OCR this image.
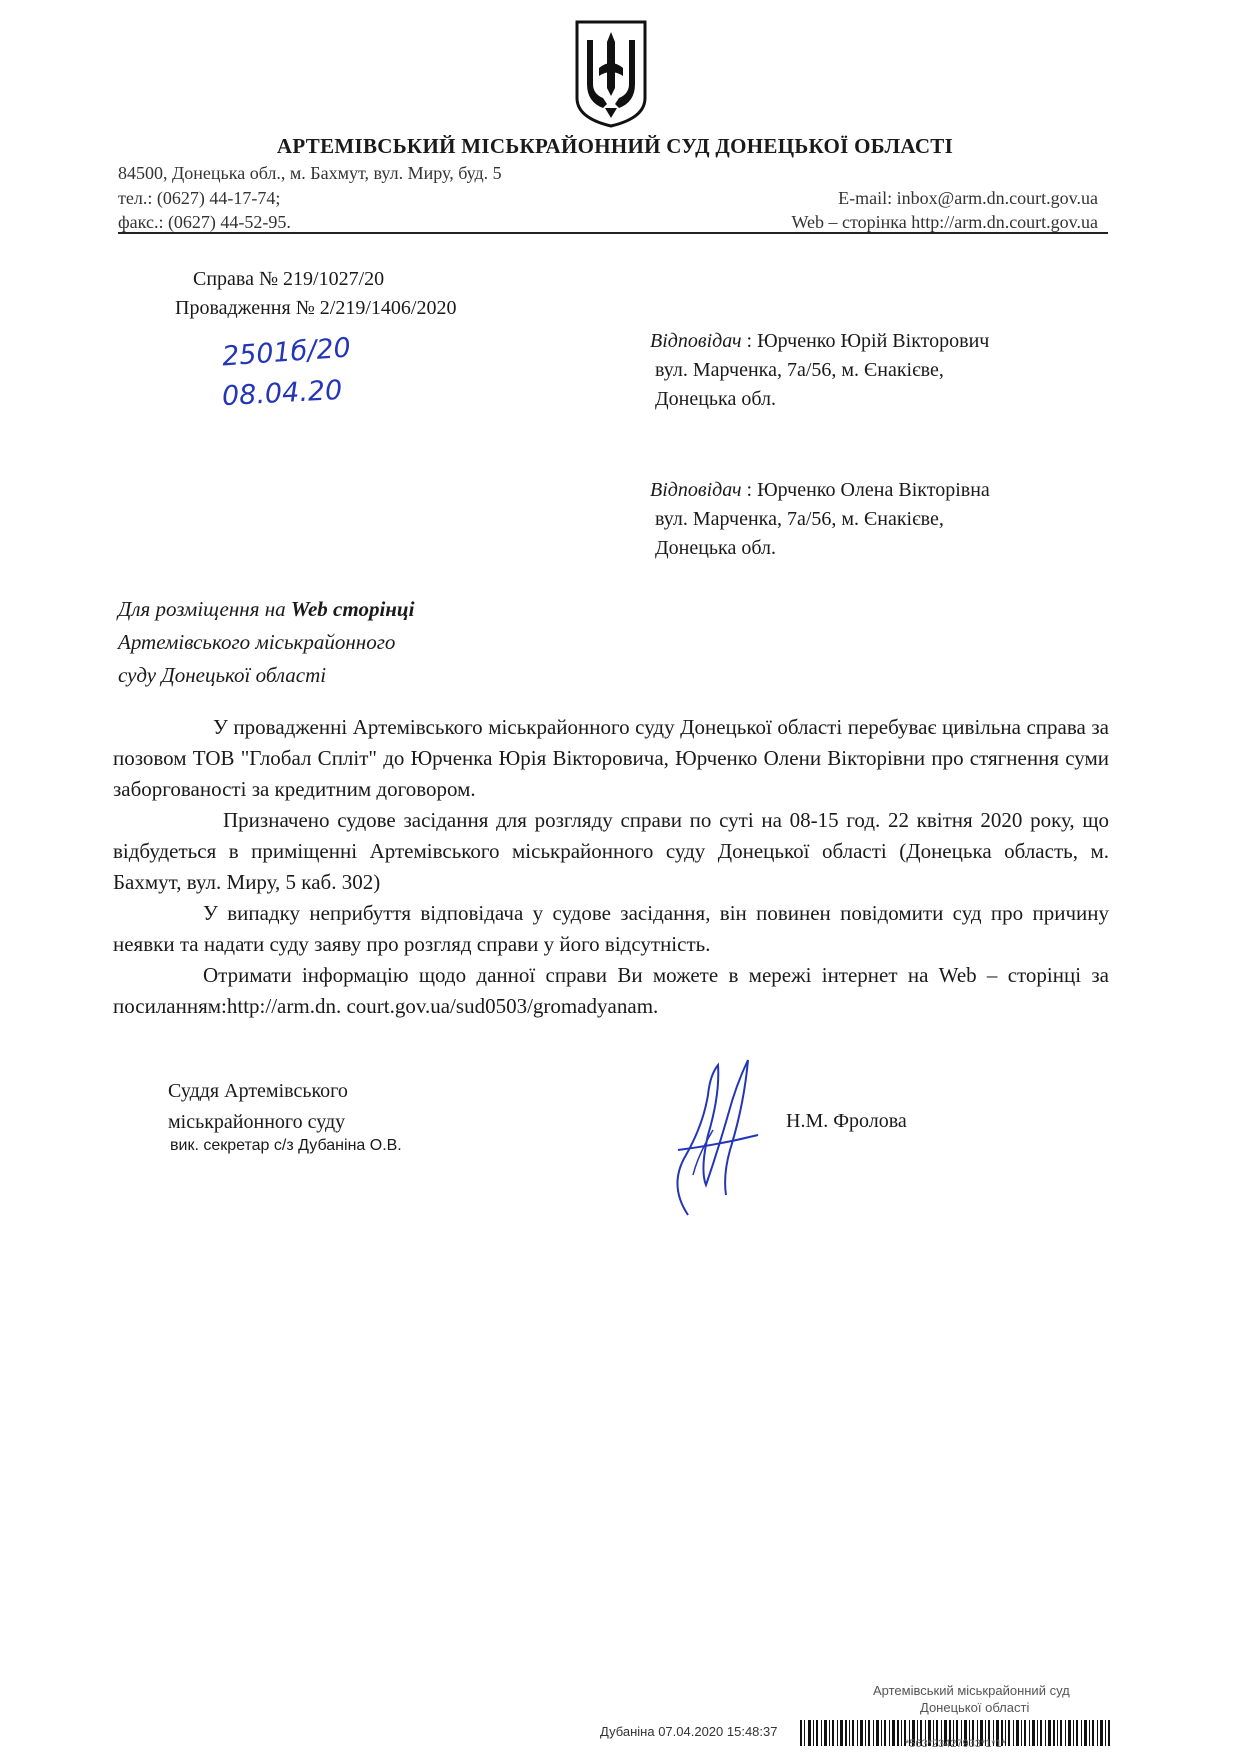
АРТЕМІВСЬКИЙ МІСЬКРАЙОННИЙ СУД ДОНЕЦЬКОЇ ОБЛАСТІ
84500, Донецька обл., м. Бахмут, вул. Миру, буд. 5
тел.: (0627) 44-17-74;
факс.: (0627) 44-52-95.
E-mail: inbox@arm.dn.court.gov.ua
Web – сторінка http://arm.dn.court.gov.ua
Справа № 219/1027/20
Провадження № 2/219/1406/2020
2501б/20
08.04.20
Відповідач : Юрченко Юрій Вікторович
вул. Марченка, 7а/56, м. Єнакієве,
Донецька обл.
Відповідач : Юрченко Олена Вікторівна
вул. Марченка, 7а/56, м. Єнакієве,
Донецька обл.
Для розміщення на Web сторінці
Артемівського міськрайонного
суду Донецької області

У провадженні Артемівського міськрайонного суду Донецької області перебуває цивільна справа за позовом ТОВ "Глобал Спліт" до Юрченка Юрія Вікторовича, Юрченко Олени Вікторівни про стягнення суми заборгованості за кредитним договором.

Призначено судове засідання для розгляду справи по суті на 08-15 год. 22 квітня 2020 року, що відбудеться в приміщенні Артемівського міськрайонного суду Донецької області (Донецька область, м. Бахмут, вул. Миру, 5 каб. 302)

У випадку неприбуття відповідача у судове засідання, він повинен повідомити суд про причину неявки та надати суду заяву про розгляд справи у його відсутність.

Отримати інформацію щодо данної справи Ви можете в мережі інтернет на Web – сторінці за посиланням:http://arm.dn. court.gov.ua/sud0503/gromadyanam.

Суддя Артемівського
міськрайонного суду
вик. секретар с/з Дубаніна О.В.
Н.М. Фролова
Артемівський міськрайонний суд
Донецької області
Дубаніна 07.04.2020 15:48:37
*563*23427933*1*1*
